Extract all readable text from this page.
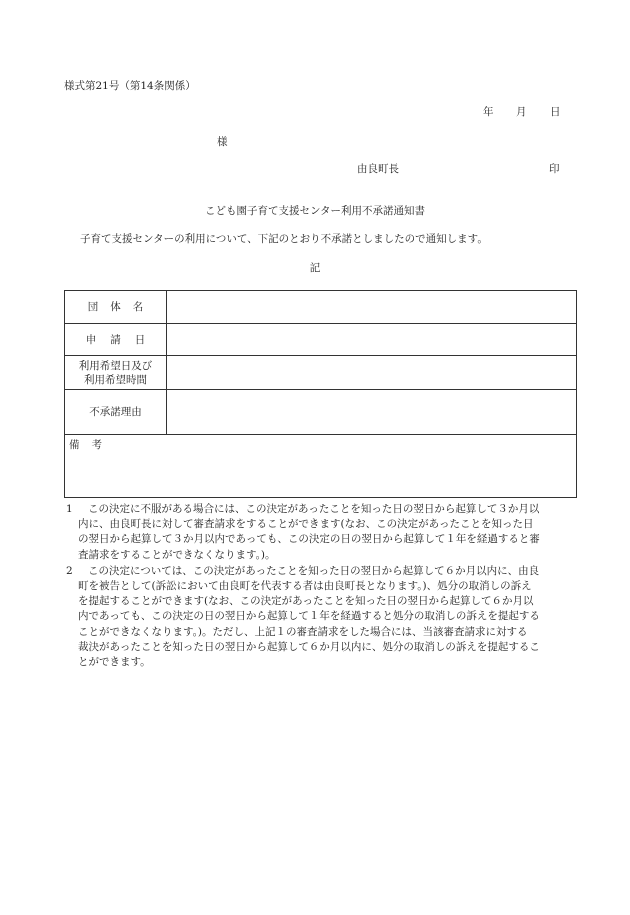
様式第21号（第14条関係）
年 月 日
様
由良町長	印
こども園子育て支援センター利用不承諾通知書
子育て支援センターの利用について、下記のとおり不承諾としましたので通知します。
記
団体名	
申請日	

利用希望日及び
利用希望時間	

不承諾理由	
備考	
1	この決定に不服がある場合には、この決定があったことを知った日の翌日から起算して３か月以
内に、由良町長に対して審査請求をすることができます(なお、この決定があったことを知った日
の翌日から起算して３か月以内であっても、この決定の日の翌日から起算して１年を経過すると審
査請求をすることができなくなります。)。
2	この決定については、この決定があったことを知った日の翌日から起算して６か月以内に、由良
町を被告として(訴訟において由良町を代表する者は由良町長となります。)、処分の取消しの訴え
を提起することができます(なお、この決定があったことを知った日の翌日から起算して６か月以
内であっても、この決定の日の翌日から起算して１年を経過すると処分の取消しの訴えを提起する
ことができなくなります。)。ただし、上記１の審査請求をした場合には、当該審査請求に対する
裁決があったことを知った日の翌日から起算して６か月以内に、処分の取消しの訴えを提起するこ
とができます。
